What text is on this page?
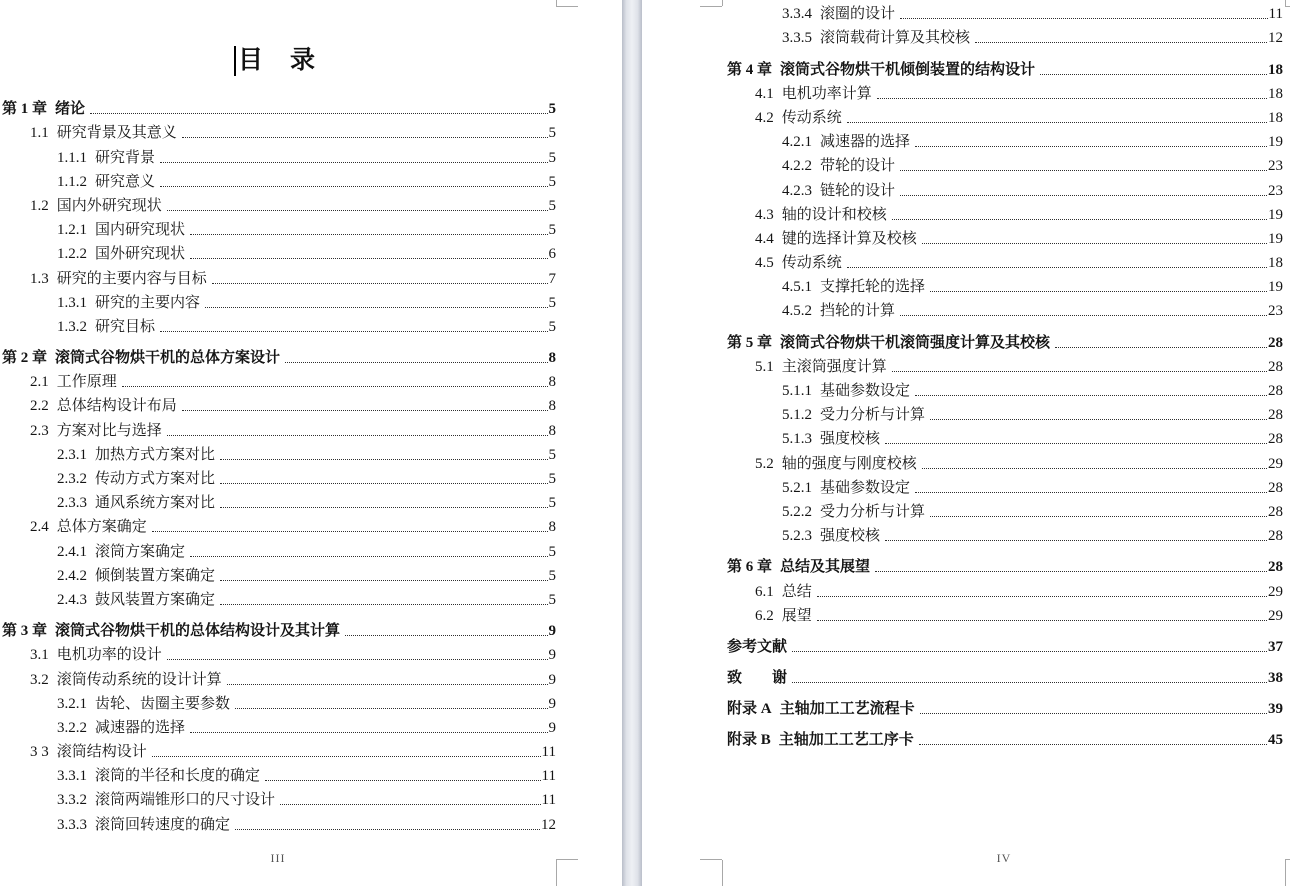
目　录
第 1 章 绪论	5
1.1 研究背景及其意义	5
1.1.1 研究背景	5
1.1.2 研究意义	5
1.2 国内外研究现状	5
1.2.1 国内研究现状	5
1.2.2 国外研究现状	6
1.3 研究的主要内容与目标	7
1.3.1 研究的主要内容	5
1.3.2 研究目标	5
第 2 章 滚筒式谷物烘干机的总体方案设计	8
2.1 工作原理	8
2.2 总体结构设计布局	8
2.3 方案对比与选择	8
2.3.1 加热方式方案对比	5
2.3.2 传动方式方案对比	5
2.3.3 通风系统方案对比	5
2.4 总体方案确定	8
2.4.1 滚筒方案确定	5
2.4.2 倾倒装置方案确定	5
2.4.3 鼓风装置方案确定	5
第 3 章 滚筒式谷物烘干机的总体结构设计及其计算	9
3.1 电机功率的设计	9
3.2 滚筒传动系统的设计计算	9
3.2.1 齿轮、齿圈主要参数	9
3.2.2 减速器的选择	9
3 3 滚筒结构设计	11
3.3.1 滚筒的半径和长度的确定	11
3.3.2 滚筒两端锥形口的尺寸设计	11
3.3.3 滚筒回转速度的确定	12
3.3.4 滚圈的设计	11
3.3.5 滚筒载荷计算及其校核	12
第 4 章 滚筒式谷物烘干机倾倒装置的结构设计	18
4.1 电机功率计算	18
4.2 传动系统	18
4.2.1 减速器的选择	19
4.2.2 带轮的设计	23
4.2.3 链轮的设计	23
4.3 轴的设计和校核	19
4.4 键的选择计算及校核	19
4.5 传动系统	18
4.5.1 支撑托轮的选择	19
4.5.2 挡轮的计算	23
第 5 章 滚筒式谷物烘干机滚筒强度计算及其校核	28
5.1 主滚筒强度计算	28
5.1.1 基础参数设定	28
5.1.2 受力分析与计算	28
5.1.3 强度校核	28
5.2 轴的强度与刚度校核	29
5.2.1 基础参数设定	28
5.2.2 受力分析与计算	28
5.2.3 强度校核	28
第 6 章 总结及其展望	28
6.1 总结	29
6.2 展望	29
参考文献	37
致　　谢	38
附录 A 主轴加工工艺流程卡	39
附录 B 主轴加工工艺工序卡	45
III	IV
